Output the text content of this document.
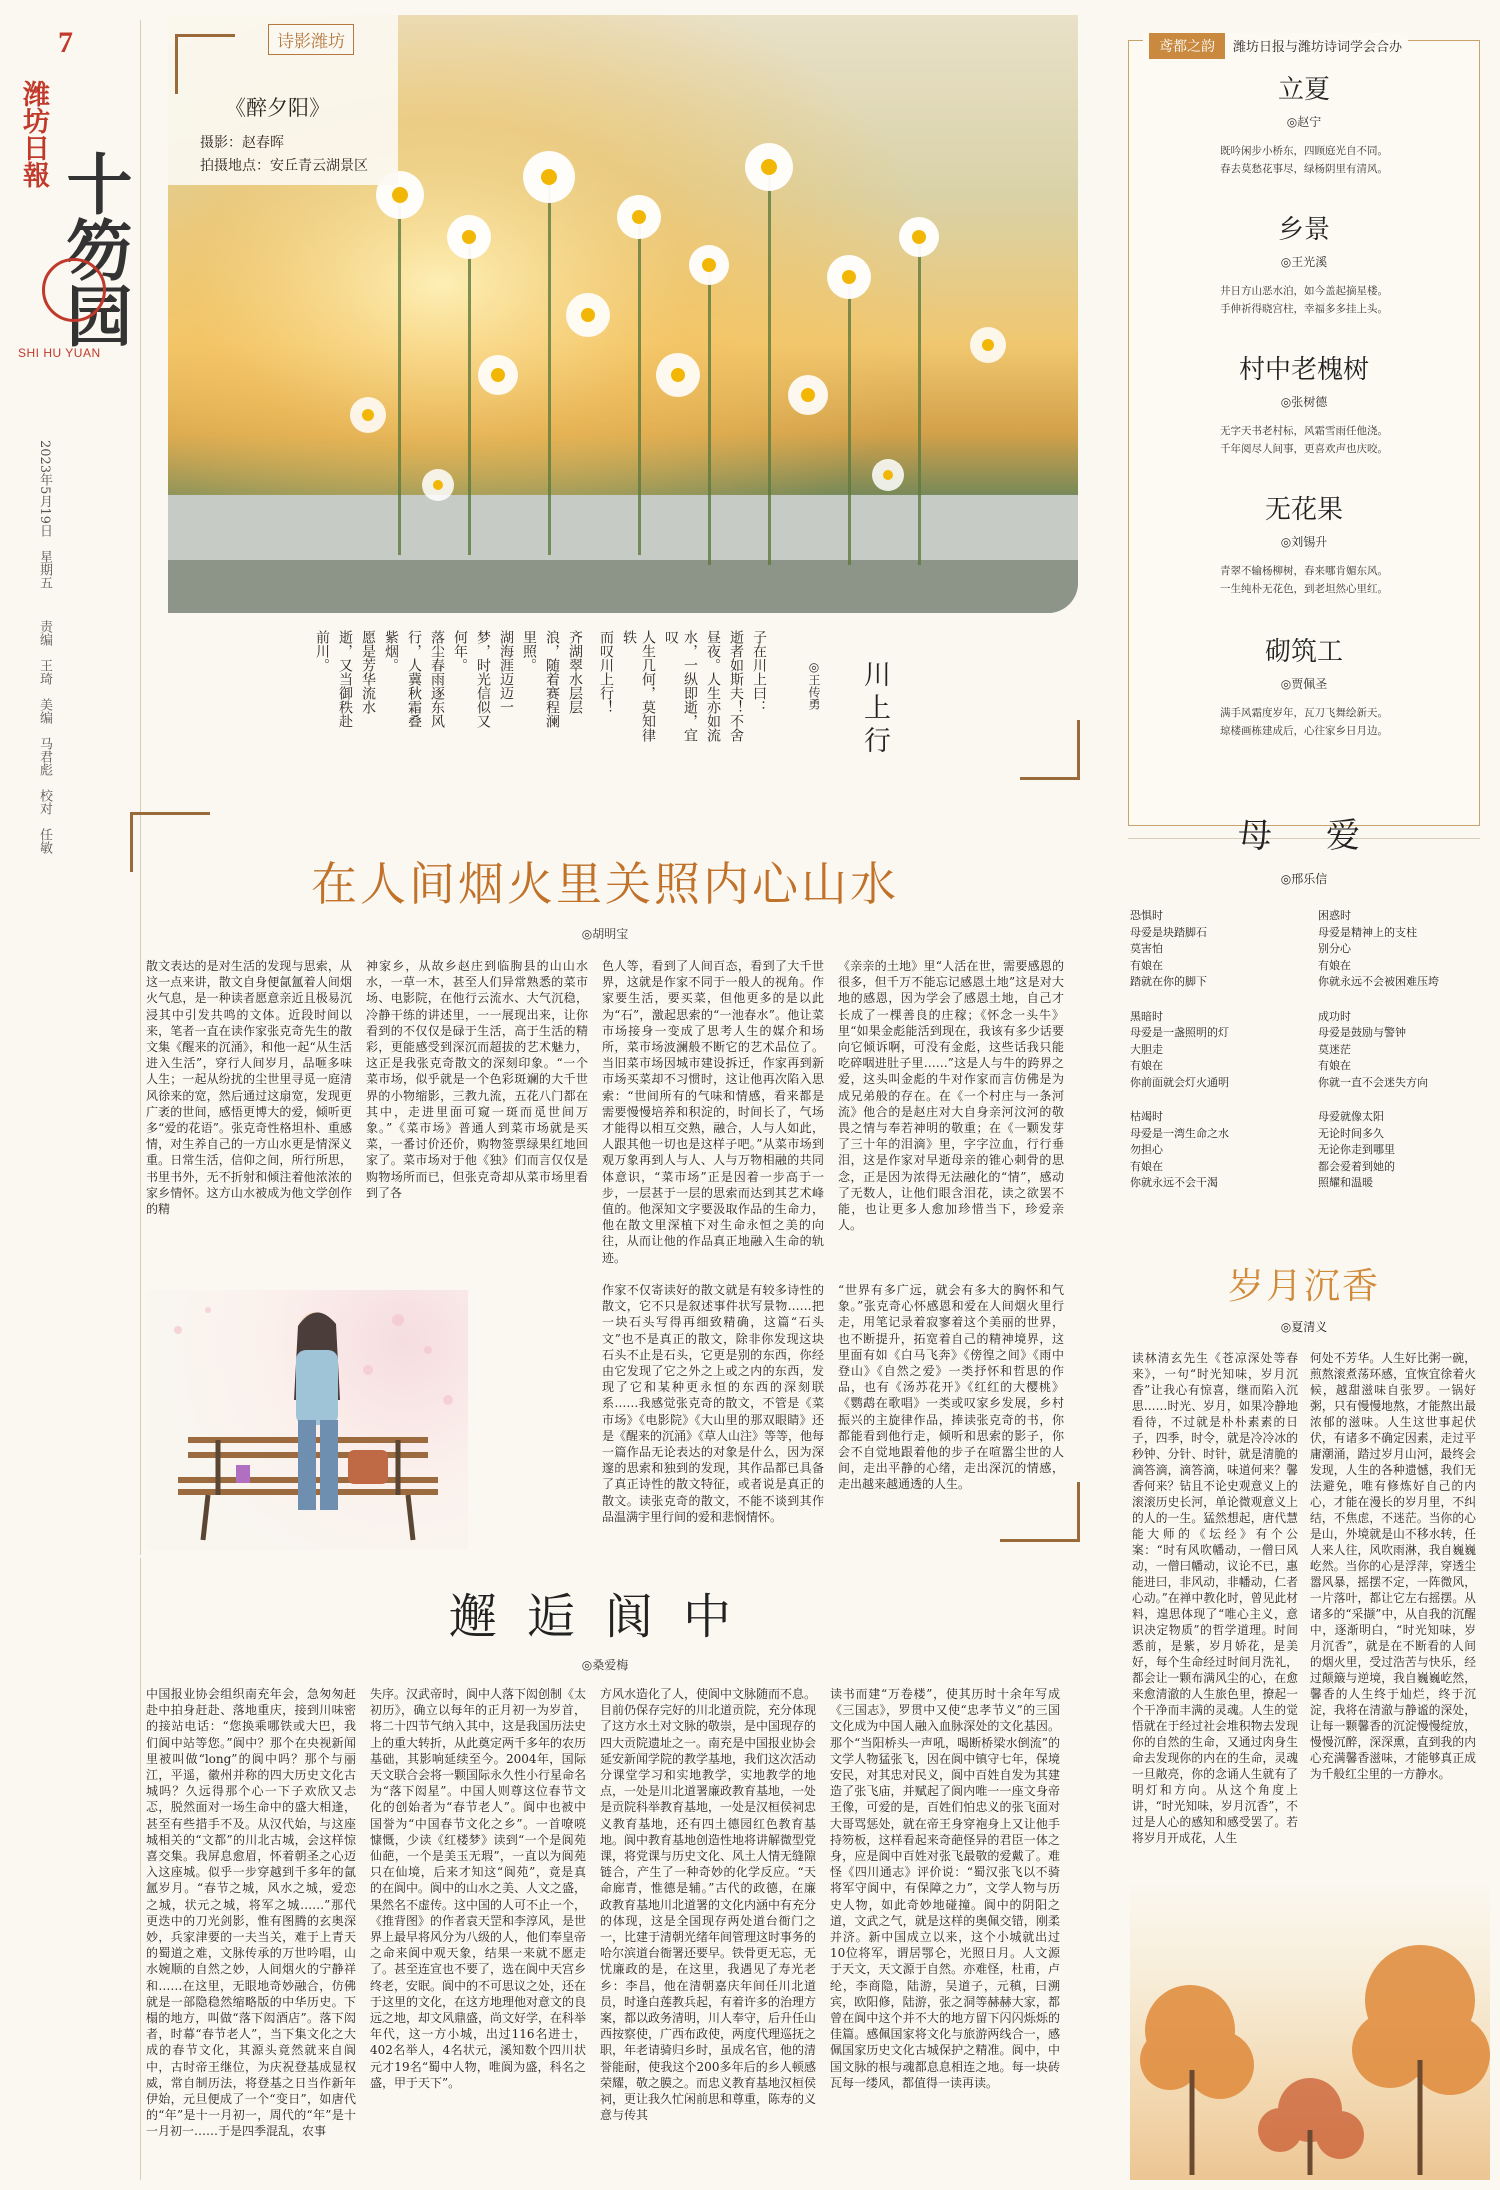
7
潍坊日報
十笏园
SHI HU YUAN
2023年5月19日　星期五
责编　王琦　美编　马君彪　校对　任敏
诗影潍坊
《醉夕阳》
摄影：赵春晖
拍摄地点：安丘青云湖景区
子在川上曰：
逝者如斯夫！不舍
昼夜。人生亦如流
水，一纵即逝，宜叹
人生几何，莫知律轶
而叹川上行！
齐湖翠水层层
浪，随着赛程澜
里照。
湖海涯迈迈一
梦，时光信似又
何年。
落尘春雨逐东风
行，人冀秋霜叠
紫烟。
愿是芳华流水
逝，又当御秩赴
前川。
川上行
◎王传勇
鸢都之韵 潍坊日报与潍坊诗词学会合办
立夏
◎赵宁
既吟闲步小桥东，四顾庭光自不同。
春去莫愁花事尽，绿杨阴里有清风。
乡景
◎王光溪
井日方山恶水泊，如今盖起摘星楼。
手伸祈得晓宫柱，幸福多多挂上头。
村中老槐树
◎张树德
无字天书老村标，风霜雪雨任他浇。
千年阅尽人间事，更喜欢声也庆咬。
无花果
◎刘锡升
青翠不输杨柳树，春来哪肯媚东风。
一生纯朴无花色，到老坦然心里红。
砌筑工
◎贾佩圣
满手风霜度岁年，瓦刀飞舞绘新天。
琼楼画栋建成后，心往家乡日月边。
在人间烟火里关照内心山水
◎胡明宝
散文表达的是对生活的发现与思索，从这一点来讲，散文自身便氤氲着人间烟火气息，是一种读者愿意亲近且极易沉浸其中引发共鸣的文体。近段时间以来，笔者一直在读作家张克奇先生的散文集《醒来的沉涌》，和他一起“从生活进入生活”，穿行人间岁月，品咂多味人生；一起从纷扰的尘世里寻觅一庭清风徐来的宽，然后通过这扇宽，发现更广袤的世间，感悟更博大的爱，倾听更多“爱的花语”。张克奇性格坦朴、重感情，对生养自己的一方山水更是情深义重。日常生活，信仰之间，所行所思，书里书外，无不折射和倾注着他浓浓的家乡情怀。这方山水被成为他文学创作的精
神家乡，从故乡赵庄到临朐县的山山水水，一草一木，甚至人们异常熟悉的菜市场、电影院，在他行云流水、大气沉稳，冷静干练的讲述里，一一展现出来，让你看到的不仅仅是碌于生活，高于生活的精彩，更能感受到深沉而超拔的艺术魅力，这正是我张克奇散文的深刻印象。“一个菜市场，似乎就是一个色彩斑斓的大千世界的小物缩影，三教九流，五花八门都在其中，走进里面可窥一斑而觅世间万象。”《菜市场》普通人到菜市场就是买菜，一番讨价还价，购物签票绿果红地回家了。菜市场对于他《独》们而言仅仅是购物场所而已，但张克奇却从菜市场里看到了各
色人等，看到了人间百态，看到了大千世界，这就是作家不同于一般人的视角。作家要生活，要买菜，但他更多的是以此为“石”，激起思索的“一池春水”。他让菜市场接身一变成了思考人生的媒介和场所，菜市场波澜般不断它的艺术品位了。当旧菜市场因城市建设拆迁，作家再到新市场买菜却不习惯时，这让他再次陷入思索：“世间所有的气味和情感，看来都是需要慢慢培养和积淀的，时间长了，气场才能得以相互交熟，融合，人与人如此，人跟其他一切也是这样子吧。”从菜市场到观万象再到人与人、人与万物相融的共同体意识，“菜市场”正是因着一步高于一步，一层甚于一层的思索而达到其艺术峰值的。他深知文字要汲取作品的生命力，他在散文里深植下对生命永恒之美的向往，从而让他的作品真正地融入生命的轨迹。
《亲亲的土地》里“人活在世，需要感恩的很多，但千万不能忘记感恩土地”这是对大地的感恩，因为学会了感恩土地，自己才长成了一棵善良的庄稼；《怀念一头牛》里“如果金彪能活到现在，我该有多少话要向它倾诉啊，可没有金彪，这些话我只能吃碎咽进肚子里……”这是人与牛的跨界之爱，这头叫金彪的牛对作家而言仿佛是为成兄弟般的存在。在《一个村庄与一条河流》他合的是赵庄对大自身亲河汶河的敬畏之情与奉若神明的敬重；在《一颗发芽了三十年的泪滴》里，字字泣血，行行垂泪，这是作家对早逝母亲的锥心刺骨的思念，正是因为浓得无法融化的“情”，感动了无数人，让他们眼含泪花，读之欲罢不能，也让更多人愈加珍惜当下，珍爱亲人。
作家不仅寄读好的散文就是有较多诗性的散文，它不只是叙述事件状写景物……把一块石头写得再细致精确，这篇“石头文”也不是真正的散文，除非你发现这块石头不止是石头，它更是别的东西，你经由它发现了它之外之上或之内的东西，发现了它和某种更永恒的东西的深刻联系……我感觉张克奇的散文，不管是《菜市场》《电影院》《大山里的那双眼睛》还是《醒来的沉涌》《草人山注》等等，他每一篇作品无论表达的对象是什么，因为深邃的思索和独到的发现，其作品都已具备了真正诗性的散文特征，或者说是真正的散文。读张克奇的散文，不能不谈到其作品温满宇里行间的爱和悲悯情怀。
“世界有多广远，就会有多大的胸怀和气象。”张克奇心怀感恩和爱在人间烟火里行走，用笔记录着寂寥着这个美丽的世界，也不断提升，拓宽着自己的精神境界，这里面有如《白马飞奔》《傍徨之间》《雨中登山》《自然之爱》一类抒怀和哲思的作品，也有《汤苏花开》《红红的大樱桃》《鹦鹉在歌唱》一类或叹家乡发展，乡村振兴的主旋律作品，捧读张克奇的书，你都能看到他行走，倾听和思索的影子，你会不自觉地跟着他的步子在喧嚣尘世的人间，走出平静的心绪，走出深沉的情感，走出越来越通透的人生。
邂逅阆中
◎桑爱梅
中国报业协会组织南充年会，急匆匆赶赴中拍身赶赴、落地重庆，接到川味密的接站电话：“您换乘哪铁或大巴，我们阆中站等您。”阆中？那个在央视新闻里被叫做“long”的阆中吗？那个与丽江，平遥，徽州并称的四大历史文化古城吗？久远得那个心一下子欢欣又忐忑，脱然面对一场生命中的盛大相逢，甚至有些措手不及。从汉代始，与这座城相关的“文都”的川北古城，会这样惊喜交集。我屏息愈眉，怀着朝圣之心迈入这座城。似乎一步穿越到千多年的氤氲岁月。“春节之城，风水之城，爱恋之城，状元之城，将军之城……”那代更迭中的刀光剑影，惟有图腾的玄奥深妙，兵家津要的一夫当关，难于上青天的蜀道之难，文脉传承的万世吟唱，山水婉顺的自然之妙，人间烟火的宁静祥和……在这里，无眼地奇妙融合，仿佛就是一部隐稳然缩略版的中华历史。下榻的地方，叫做“落下闳酒店”。落下闳者，时幕“春节老人”，当下集文化之大成的春节文化，其源头竟然就来自阆中，古时帝王继位，为庆祝登基成显权威，常自制历法，将登基之日当作新年伊始，元旦便成了一个“变日”，如唐代的“年”是十一月初一，周代的“年”是十一月初一……于是四季混乱，农事
失序。汉武帝时，阆中人落下闳创制《太初历》，确立以每年的正月初一为岁首，将二十四节气纳入其中，这是我国历法史上的重大转折，从此奠定两千多年的农历基础，其影响延续至今。2004年，国际天文联合会将一颗国际永久性小行星命名为“落下闳星”。中国人则尊这位春节文化的创始者为“春节老人”。阆中也被中国誉为“中国春节文化之乡”。一首嘹喨慷慨，少读《红楼梦》读到“一个是阆苑仙葩，一个是美玉无瑕”，一直以为阆苑只在仙境，后来才知这“阆苑”，竟是真的在阆中。阆中的山水之美、人文之盛，果然名不虚传。这中国的人可不止一个，《推背图》的作者袁天罡和李淳风，是世界上最早将风分为八级的人，他们奉皇帝之命来阆中观天象，结果一来就不愿走了。甚至连宣也不要了，选在阆中天宫乡终老，安眠。阆中的不可思议之处，还在于这里的文化，在这方地理他对意文的良远之地，却文风鼎盛，尚文好学，在科举年代，这一方小城，出过116名进士，402名举人，4名状元，溪知数个四川状元才19名“蜀中人物，唯阆为盛，科名之盛，甲于天下”。
方风水造化了人，使阆中文脉随而不息。目前仍保存完好的川北道贡院，充分体现了这方水土对文脉的敬崇，是中国现存的四大贡院遗址之一。南充是中国报业协会延安新闻学院的教学基地，我们这次活动分课堂学习和实地教学，实地教学的地点，一处是川北道署廉政教育基地，一处是贡院科举教育基地，一处是汉桓侯祠忠义教育基地，还有四土德园红色教育基地。阆中教育基地创造性地将讲解微型党课，将党课与历史文化、风土人情无缝隙链合，产生了一种奇妙的化学反应。“天命廊青，惟德是辅。”古代的政德，在廉政教育基地川北道署的文化内涵中有充分的体现，这是全国现存两处道台衙门之一，比建于清朝光绪年间管理这时事务的哈尔滨道台衙署还要早。铁骨更无忘，无忧廉政的是，在这里，我遇见了寿光老乡：李昌，他在清朝嘉庆年间任川北道员，时逢白莲教兵起，有着许多的治理方案，都以政务清明，川人奉守，后升任山西按察使，广西布政使，两度代理巡抚之职，年老请骑归乡时，虽成名官，他的清誉能耐，使我这个200多年后的乡人顿感荣耀，敬之膜之。而忠义教育基地汉桓侯祠，更让我久忙闲前思和尊重，陈寿的义意与传其
读书而建“万卷楼”，使其历时十余年写成《三国志》，罗贯中又使“忠孝节义”的三国文化成为中国人融入血脉深处的文化基因。那个“当阳桥头一声吼，喝断桥梁水倒流”的文学人物猛张飞，因在阆中镇守七年，保境安民，对其忠对民义，阆中百姓自发为其建造了张飞庙，并赋起了阆内唯一一座文身帝王像，可爱的是，百姓们怕忠义的张飞面对大哥骂惩处，就在帝王身穿袍身上又让他手持笏板，这样看起来奇葩怪异的君臣一体之身，应是阆中百姓对张飞最敬的爱戴了。难怪《四川通志》评价说：“蜀汉张飞以不骑将军守阆中，有保障之力”，文学人物与历史人物，如此奇妙地碰撞。阆中的阴阳之道，文武之气，就是这样的奥佩交错，刚柔并济。新中国成立以来，这个小城就出过10位将军，谓居鄂仑，光照日月。人文源于天文，天文源于自然。亦难怪，杜甫，卢纶，李商隐，陆游，吴道子，元稹，曰溯宾，欧阳修，陆游，张之洞等赫赫大家，都曾在阆中这个并不大的地方留下闪闪烁烁的佳篇。感佩国家将文化与旅游两线合一，感佩国家历史文化古城保护之精准。阆中，中国文脉的根与魂都息息相连之地。每一块砖瓦每一缕风，都值得一读再读。
母　爱
◎邢乐信
恐惧时
母爱是块踏脚石
莫害怕
有娘在
踏就在你的脚下
困惑时
母爱是精神上的支柱
别分心
有娘在
你就永远不会被困难压垮
黑暗时
母爱是一盏照明的灯
大胆走
有娘在
你前面就会灯火通明
成功时
母爱是鼓励与警钟
莫迷茫
有娘在
你就一直不会迷失方向
枯竭时
母爱是一湾生命之水
勿担心
有娘在
你就永远不会干渴
母爱就像太阳
无论时间多久
无论你走到哪里
都会爱着到她的
照耀和温暖
岁月沉香
◎夏清义
读林清玄先生《苍凉深处等春来》，一句“时光知味，岁月沉香”让我心有惊喜，继而陷入沉思……时光、岁月，如果冷静地看待，不过就是朴朴素素的日子，四季，时令，就是冷冷冰的秒钟、分针、时针，就是清脆的滴答滴，滴答滴，味道何来？馨香何来？钻且不论史观意义上的滚滚历史长河，单论微观意义上的人的一生。猛然想起，唐代慧能大师的《坛经》有个公案：“时有风吹幡动，一僧曰风动，一僧曰幡动，议论不已，惠能进曰，非风动，非幡动，仁者心动。”在禅中教化时，曾见此材料，遑思体现了“唯心主义，意识决定物质”的哲学道理。时间悉前，是紫，岁月娇花，是美好，每个生命经过时间月洗礼，都会让一颗布满风尘的心，在愈来愈清澈的人生旅色里，撩起一个干净而丰满的灵魂。人生的觉悟就在于经过社会堆积物去发现你的自然的生命，又通过肉身生命去发现你的内在的生命，灵魂一旦敞亮，你的念诵人生就有了明灯和方向。从这个角度上讲，“时光知味，岁月沉香”，不过是人心的感知和感受罢了。若将岁月开成花，人生
何处不芳华。人生好比粥一碗，煎熬滚煮荡环感，宜恢宜徐着火候，越甜滋味自张罗。一锅好粥，只有慢慢地熬，才能熬出最浓郁的滋味。人生这世事起伏伏，有诸多不确定因素，走过平庸潮涌，踏过岁月山河，最终会发现，人生的各种遗憾，我们无法避免，唯有修炼好自己的内心，才能在漫长的岁月里，不纠结，不焦虑，不迷茫。当你的心是山，外境就是山不移水转，任人来人往，风吹雨淋，我自巍巍屹然。当你的心是浮萍，穿透尘嚣风暴，摇摆不定，一阵微风，一片落叶，都让它左右摇摆。从诸多的“采撷”中，从自我的沉醒中，逐渐明白，“时光知味，岁月沉香”，就是在不断看的人间的烟火里，受过浩苦与快乐，经过颠簸与逆境，我自巍巍屹然，馨香的人生终于灿烂，终于沉淀，我将在清澈与静谧的深处，让每一颗馨香的沉淀慢慢绽放，慢慢沉醉，深深熏，直到我的内心充满馨香滋味，才能够真正成为千般红尘里的一方静水。
